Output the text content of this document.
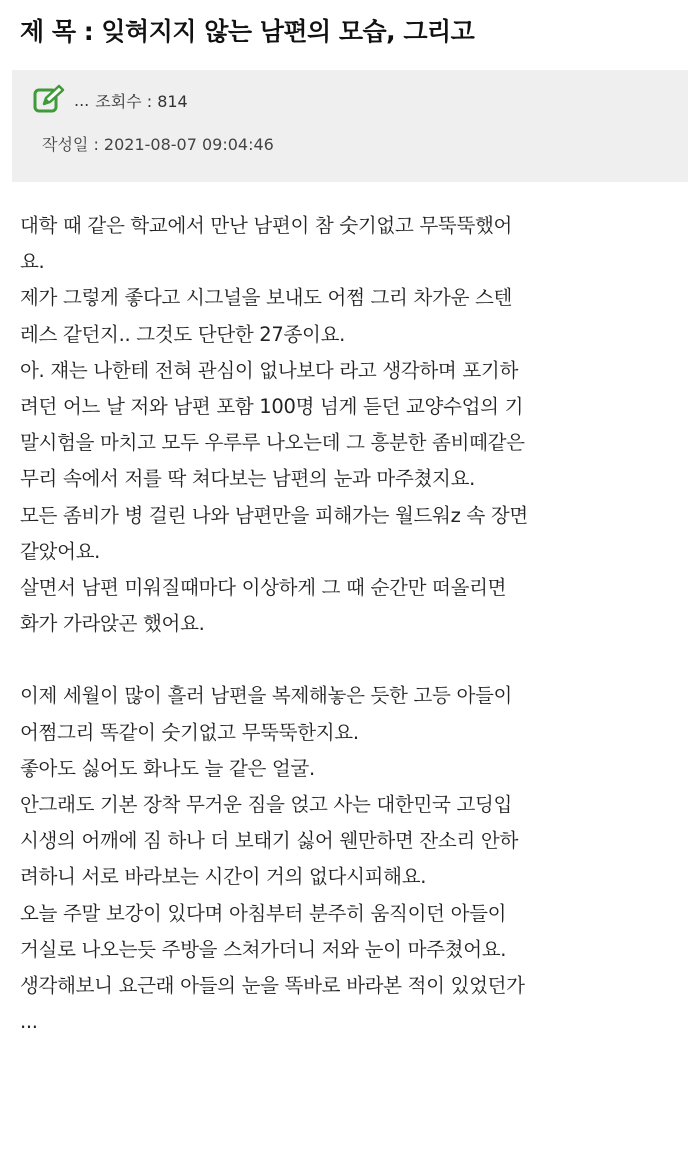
제 목 : 잊혀지지 않는 남편의 모습, 그리고
... 조회수 : 814
작성일 : 2021-08-07 09:04:46
대학 때 같은 학교에서 만난 남편이 참 숫기없고 무뚝뚝했어
요.
제가 그렇게 좋다고 시그널을 보내도 어쩜 그리 차가운 스텐
레스 같던지.. 그것도 단단한 27종이요.
아. 쟤는 나한테 전혀 관심이 없나보다 라고 생각하며 포기하
려던 어느 날 저와 남편 포함 100명 넘게 듣던 교양수업의 기
말시험을 마치고 모두 우루루 나오는데 그 흥분한 좀비떼같은
무리 속에서 저를 딱 쳐다보는 남편의 눈과 마주쳤지요.
모든 좀비가 병 걸린 나와 남편만을 피해가는 월드워z 속 장면
같았어요.
살면서 남편 미워질때마다 이상하게 그 때 순간만 떠올리면
화가 가라앉곤 했어요.
이제 세월이 많이 흘러 남편을 복제해놓은 듯한 고등 아들이
어쩜그리 똑같이 숫기없고 무뚝뚝한지요.
좋아도 싫어도 화나도 늘 같은 얼굴.
안그래도 기본 장착 무거운 짐을 얹고 사는 대한민국 고딩입
시생의 어깨에 짐 하나 더 보태기 싫어 웬만하면 잔소리 안하
려하니 서로 바라보는 시간이 거의 없다시피해요.
오늘 주말 보강이 있다며 아침부터 분주히 움직이던 아들이
거실로 나오는듯 주방을 스쳐가더니 저와 눈이 마주쳤어요.
생각해보니 요근래 아들의 눈을 똑바로 바라본 적이 있었던가
...
